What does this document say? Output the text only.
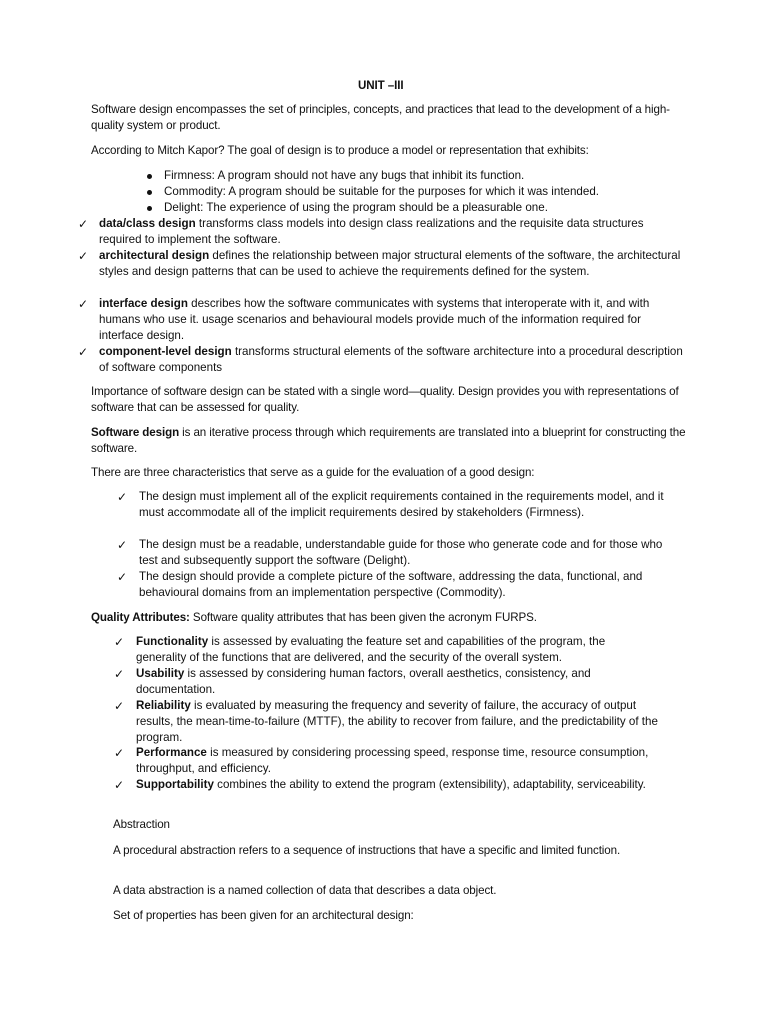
UNIT –III
Software design encompasses the set of principles, concepts, and practices that lead to the development of a high-quality system or product.
According to Mitch Kapor? The goal of design is to produce a model or representation that exhibits:
Firmness: A program should not have any bugs that inhibit its function.
Commodity: A program should be suitable for the purposes for which it was intended.
Delight: The experience of using the program should be a pleasurable one.
✓ data/class design transforms class models into design class realizations and the requisite data structures required to implement the software.
✓ architectural design defines the relationship between major structural elements of the software, the architectural styles and design patterns that can be used to achieve the requirements defined for the system.
✓ interface design describes how the software communicates with systems that interoperate with it, and with humans who use it. usage scenarios and behavioural models provide much of the information required for interface design.
✓ component-level design transforms structural elements of the software architecture into a procedural description of software components
Importance of software design can be stated with a single word—quality. Design provides you with representations of software that can be assessed for quality.
Software design is an iterative process through which requirements are translated into a blueprint for constructing the software.
There are three characteristics that serve as a guide for the evaluation of a good design:
✓ The design must implement all of the explicit requirements contained in the requirements model, and it must accommodate all of the implicit requirements desired by stakeholders (Firmness).
✓ The design must be a readable, understandable guide for those who generate code and for those who test and subsequently support the software (Delight).
✓ The design should provide a complete picture of the software, addressing the data, functional, and behavioural domains from an implementation perspective (Commodity).
Quality Attributes: Software quality attributes that has been given the acronym FURPS.
✓ Functionality is assessed by evaluating the feature set and capabilities of the program, the generality of the functions that are delivered, and the security of the overall system.
✓ Usability is assessed by considering human factors, overall aesthetics, consistency, and documentation.
✓ Reliability is evaluated by measuring the frequency and severity of failure, the accuracy of output results, the mean-time-to-failure (MTTF), the ability to recover from failure, and the predictability of the program.
✓ Performance is measured by considering processing speed, response time, resource consumption, throughput, and efficiency.
✓ Supportability combines the ability to extend the program (extensibility), adaptability, serviceability.
Abstraction
A procedural abstraction refers to a sequence of instructions that have a specific and limited function.
A data abstraction is a named collection of data that describes a data object.
Set of properties has been given for an architectural design:
